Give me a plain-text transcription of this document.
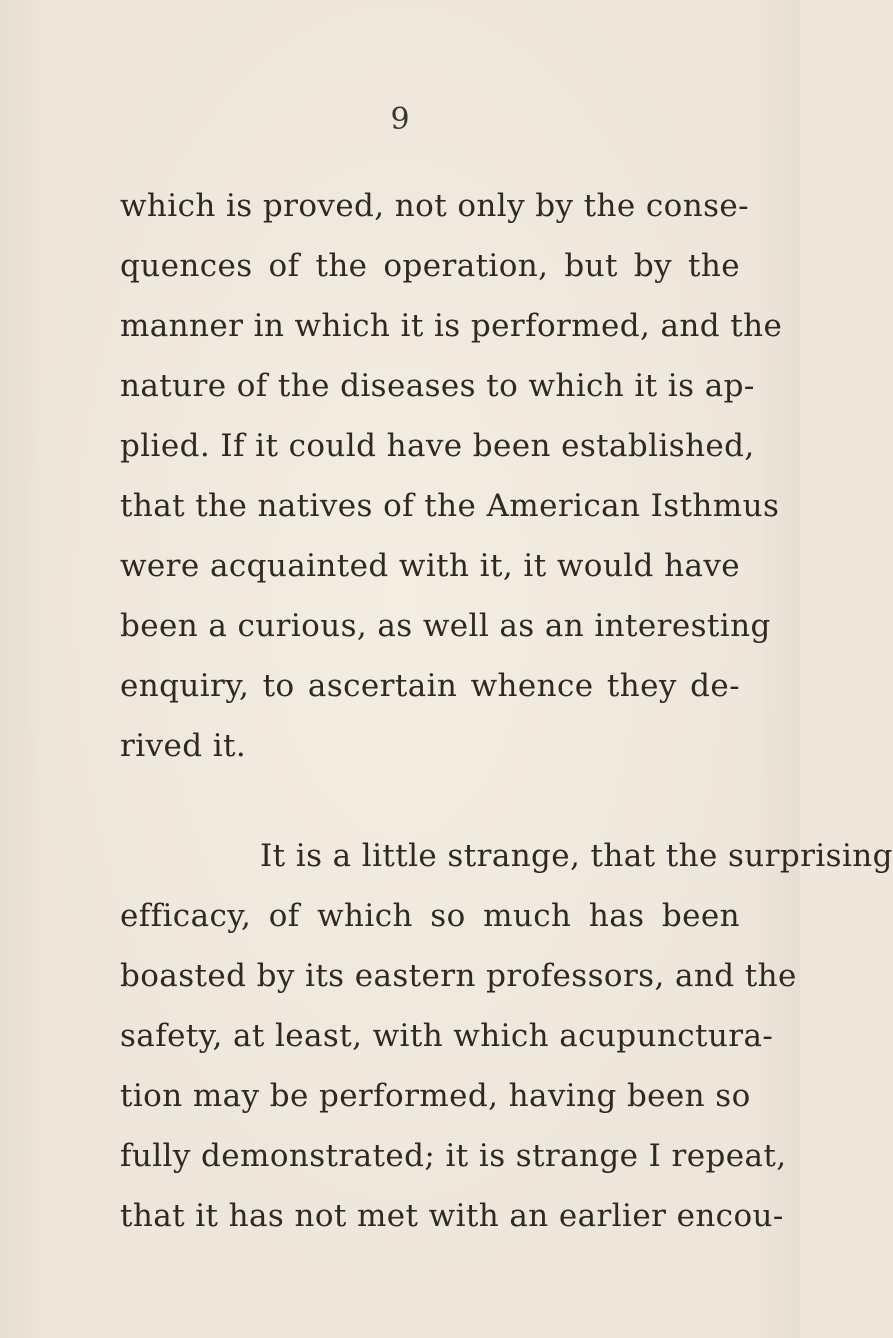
9
which is proved, not only by the conse-
quences of the operation, but by the
manner in which it is performed, and the
nature of the diseases to which it is ap-
plied. If it could have been established,
that the natives of the American Isthmus
were acquainted with it, it would have
been a curious, as well as an interesting
enquiry, to ascertain whence they de-
rived it.
It is a little strange, that the surprising
efficacy, of which so much has been
boasted by its eastern professors, and the
safety, at least, with which acupunctura-
tion may be performed, having been so
fully demonstrated; it is strange I repeat,
that it has not met with an earlier encou-
